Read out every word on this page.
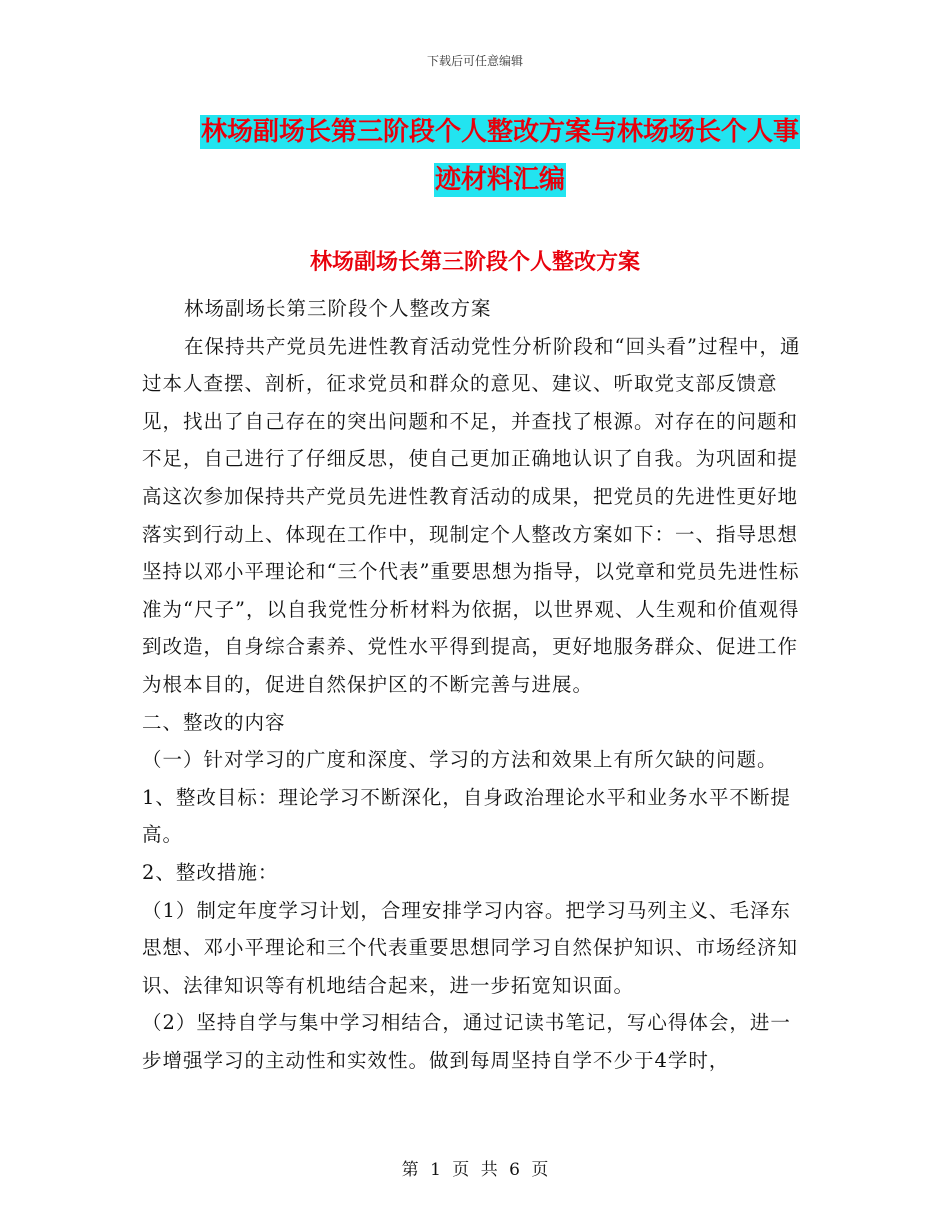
下载后可任意编辑
林场副场长第三阶段个人整改方案与林场场长个人事
迹材料汇编
林场副场长第三阶段个人整改方案

林场副场长第三阶段个人整改方案

在保持共产党员先进性教育活动党性分析阶段和“回头看”过程中，通过本人查摆、剖析，征求党员和群众的意见、建议、听取党支部反馈意见，找出了自己存在的突出问题和不足，并查找了根源。对存在的问题和不足，自己进行了仔细反思，使自己更加正确地认识了自我。为巩固和提高这次参加保持共产党员先进性教育活动的成果，把党员的先进性更好地落实到行动上、体现在工作中，现制定个人整改方案如下：一、指导思想

坚持以邓小平理论和“三个代表”重要思想为指导，以党章和党员先进性标准为“尺子”，以自我党性分析材料为依据，以世界观、人生观和价值观得到改造，自身综合素养、党性水平得到提高，更好地服务群众、促进工作为根本目的，促进自然保护区的不断完善与进展。

二、整改的内容

（一）针对学习的广度和深度、学习的方法和效果上有所欠缺的问题。

1、整改目标：理论学习不断深化，自身政治理论水平和业务水平不断提高。

2、整改措施：

（1）制定年度学习计划，合理安排学习内容。把学习马列主义、毛泽东思想、邓小平理论和三个代表重要思想同学习自然保护知识、市场经济知识、法律知识等有机地结合起来，进一步拓宽知识面。

（2）坚持自学与集中学习相结合，通过记读书笔记，写心得体会，进一步增强学习的主动性和实效性。做到每周坚持自学不少于4学时，

第 1 页 共 6 页
